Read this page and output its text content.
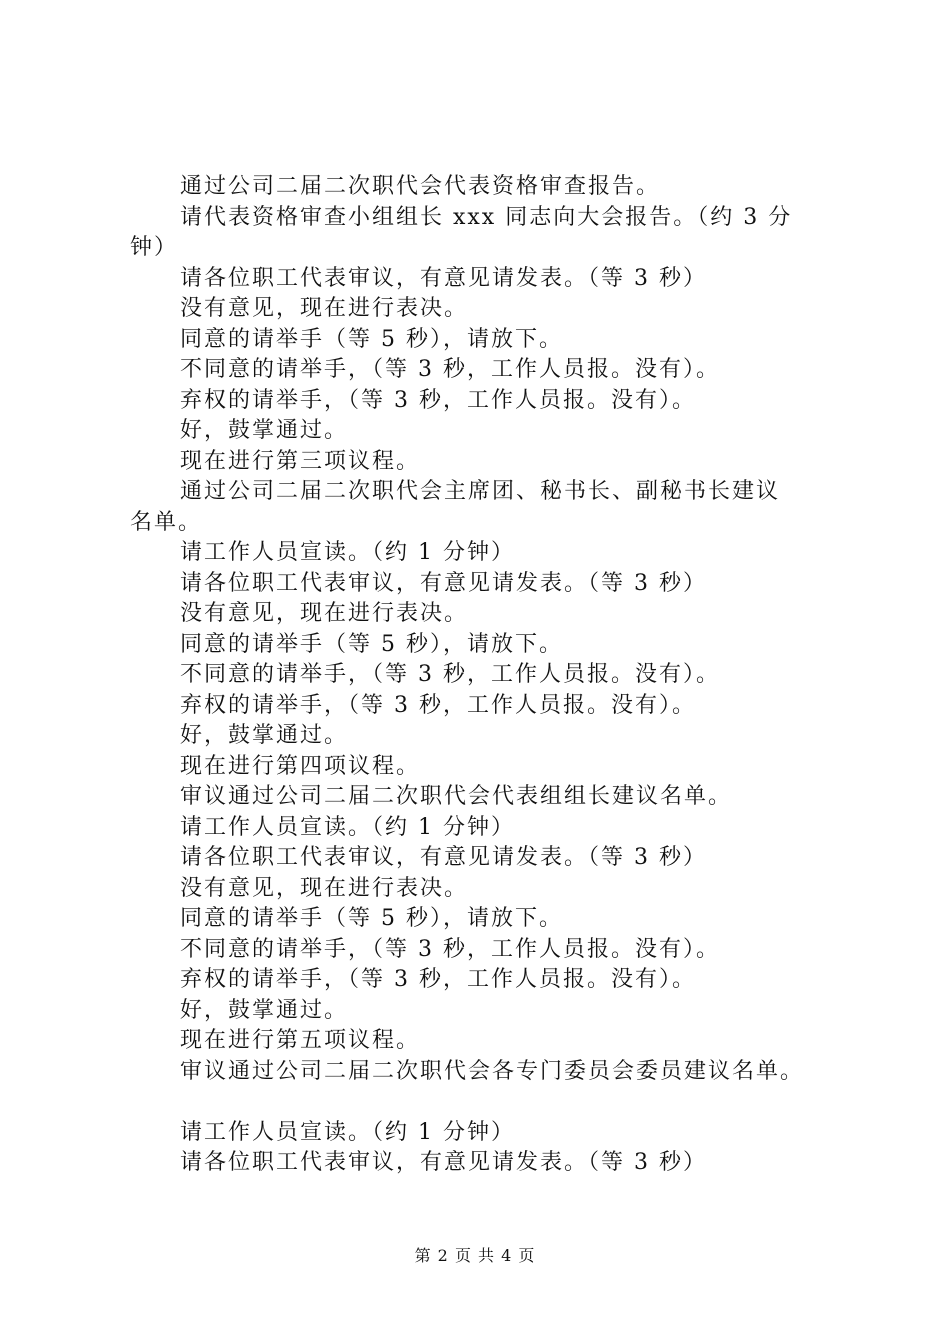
通过公司二届二次职代会代表资格审查报告。
请代表资格审查小组组长 xxx 同志向大会报告。（约 3 分
钟）
请各位职工代表审议，有意见请发表。（等 3 秒）
没有意见，现在进行表决。
同意的请举手（等 5 秒），请放下。
不同意的请举手，（等 3 秒，工作人员报。没有）。
弃权的请举手，（等 3 秒，工作人员报。没有）。
好，鼓掌通过。
现在进行第三项议程。
通过公司二届二次职代会主席团、秘书长、副秘书长建议
名单。
请工作人员宣读。（约 1 分钟）
请各位职工代表审议，有意见请发表。（等 3 秒）
没有意见，现在进行表决。
同意的请举手（等 5 秒），请放下。
不同意的请举手，（等 3 秒，工作人员报。没有）。
弃权的请举手，（等 3 秒，工作人员报。没有）。
好，鼓掌通过。
现在进行第四项议程。
审议通过公司二届二次职代会代表组组长建议名单。
请工作人员宣读。（约 1 分钟）
请各位职工代表审议，有意见请发表。（等 3 秒）
没有意见，现在进行表决。
同意的请举手（等 5 秒），请放下。
不同意的请举手，（等 3 秒，工作人员报。没有）。
弃权的请举手，（等 3 秒，工作人员报。没有）。
好，鼓掌通过。
现在进行第五项议程。
审议通过公司二届二次职代会各专门委员会委员建议名单。
请工作人员宣读。（约 1 分钟）
请各位职工代表审议，有意见请发表。（等 3 秒）
第 2 页 共 4 页
